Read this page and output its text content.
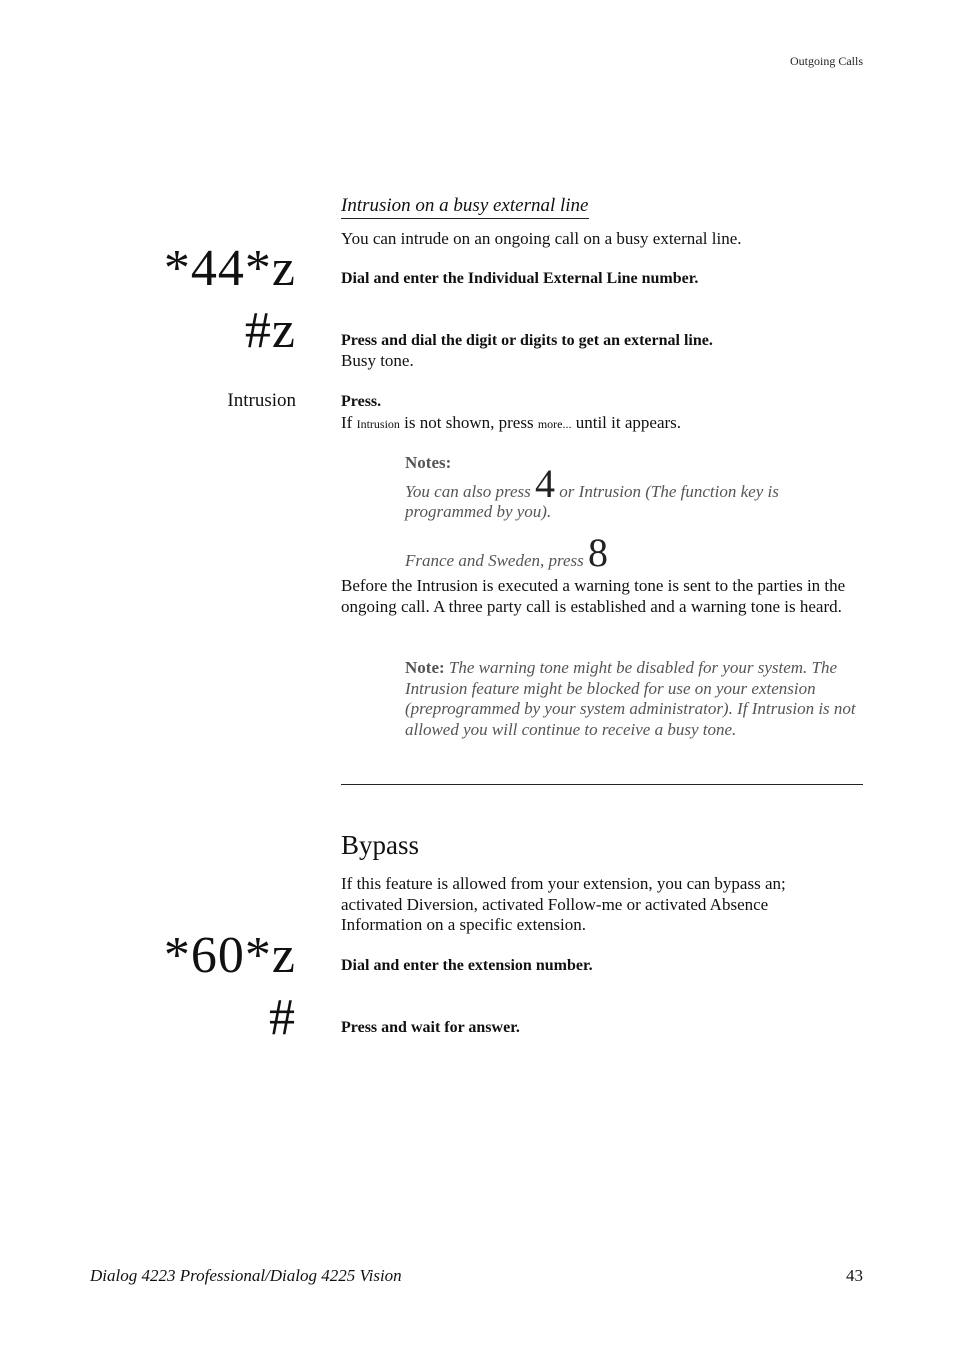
Outgoing Calls
Intrusion on a busy external line
You can intrude on an ongoing call on a busy external line.
*44*z	Dial and enter the Individual External Line number.
#z	Press and dial the digit or digits to get an external line.
Busy tone.
Intrusion	Press.
If Intrusion is not shown, press more... until it appears.
Notes:
You can also press 4 or Intrusion (The function key is programmed by you).
France and Sweden, press 8
Before the Intrusion is executed a warning tone is sent to the parties in the ongoing call. A three party call is established and a warning tone is heard.
Note: The warning tone might be disabled for your system. The Intrusion feature might be blocked for use on your extension (preprogrammed by your system administrator). If Intrusion is not allowed you will continue to receive a busy tone.
Bypass
If this feature is allowed from your extension, you can bypass an; activated Diversion, activated Follow-me or activated Absence Information on a specific extension.
*60*z	Dial and enter the extension number.
#	Press and wait for answer.
Dialog 4223 Professional/Dialog 4225 Vision	43
